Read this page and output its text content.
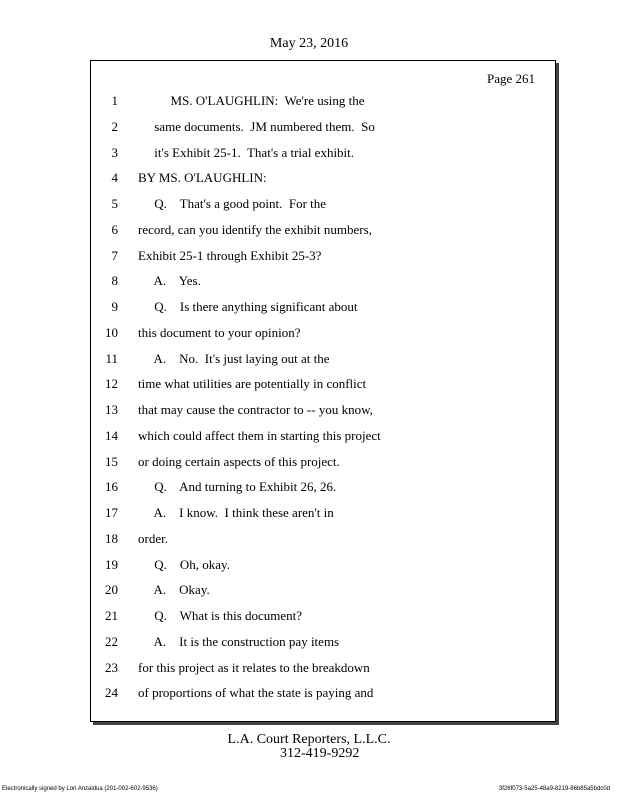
May 23, 2016
Page 261
1 MS. O'LAUGHLIN:  We're using the
2 same documents.  JM numbered them.  So
3 it's Exhibit 25-1.  That's a trial exhibit.
4 BY MS. O'LAUGHLIN:
5 Q.    That's a good point.  For the
6 record, can you identify the exhibit numbers,
7 Exhibit 25-1 through Exhibit 25-3?
8 A.    Yes.
9 Q.    Is there anything significant about
10 this document to your opinion?
11 A.    No.  It's just laying out at the
12 time what utilities are potentially in conflict
13 that may cause the contractor to -- you know,
14 which could affect them in starting this project
15 or doing certain aspects of this project.
16 Q.    And turning to Exhibit 26, 26.
17 A.    I know.  I think these aren't in
18 order.
19 Q.    Oh, okay.
20 A.    Okay.
21 Q.    What is this document?
22 A.    It is the construction pay items
23 for this project as it relates to the breakdown
24 of proportions of what the state is paying and
L.A. Court Reporters, L.L.C.
312-419-9292
Electronically signed by Lori Anzaldua (201-002-602-9536)	3f26f073-5a25-48a9-8219-86b85a5bdc0d
